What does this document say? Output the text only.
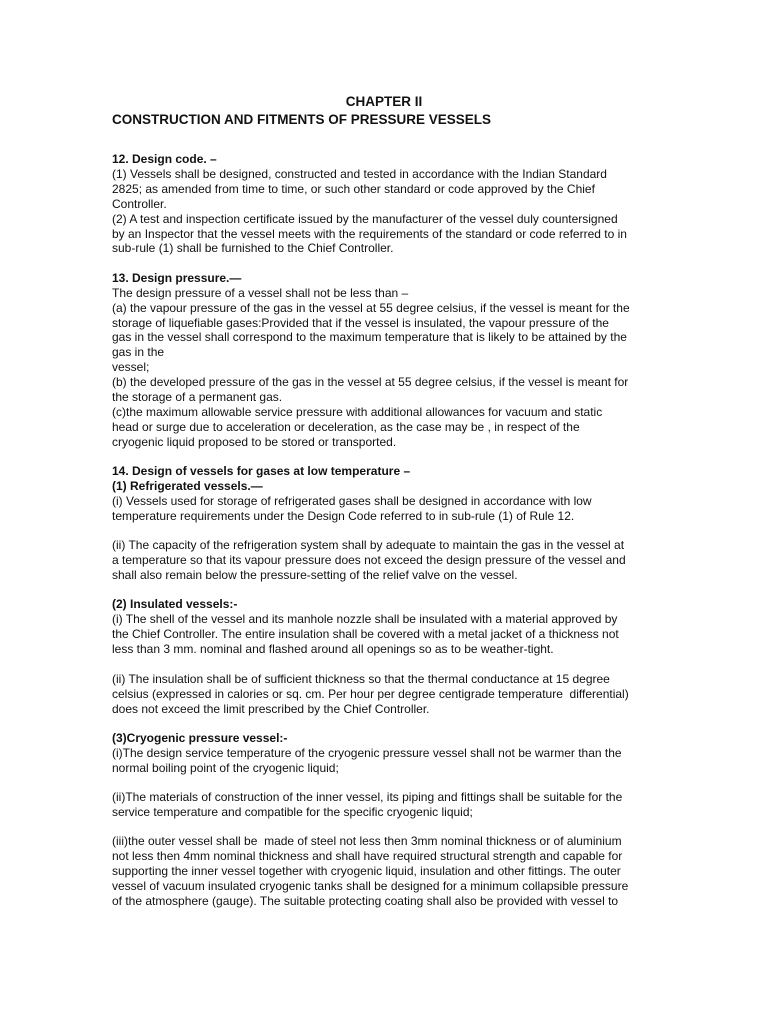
CHAPTER II
CONSTRUCTION AND FITMENTS OF PRESSURE VESSELS
12. Design code. –
(1) Vessels shall be designed, constructed and tested in accordance with the Indian Standard
2825; as amended from time to time, or such other standard or code approved by the Chief
Controller.
(2) A test and inspection certificate issued by the manufacturer of the vessel duly countersigned
by an Inspector that the vessel meets with the requirements of the standard or code referred to in
sub-rule (1) shall be furnished to the Chief Controller.
13. Design pressure.—
The design pressure of a vessel shall not be less than –
(a) the vapour pressure of the gas in the vessel at 55 degree celsius, if the vessel is meant for the
storage of liquefiable gases:Provided that if the vessel is insulated, the vapour pressure of the
gas in the vessel shall correspond to the maximum temperature that is likely to be attained by the
gas in the
vessel;
(b) the developed pressure of the gas in the vessel at 55 degree celsius, if the vessel is meant for
the storage of a permanent gas.
(c)the maximum allowable service pressure with additional allowances for vacuum and static
head or surge due to acceleration or deceleration, as the case may be , in respect of the
cryogenic liquid proposed to be stored or transported.
14. Design of vessels for gases at low temperature –
(1) Refrigerated vessels.—
(i) Vessels used for storage of refrigerated gases shall be designed in accordance with low
temperature requirements under the Design Code referred to in sub-rule (1) of Rule 12.
(ii) The capacity of the refrigeration system shall by adequate to maintain the gas in the vessel at
a temperature so that its vapour pressure does not exceed the design pressure of the vessel and
shall also remain below the pressure-setting of the relief valve on the vessel.
(2) Insulated vessels:-
(i) The shell of the vessel and its manhole nozzle shall be insulated with a material approved by
the Chief Controller. The entire insulation shall be covered with a metal jacket of a thickness not
less than 3 mm. nominal and flashed around all openings so as to be weather-tight.
(ii) The insulation shall be of sufficient thickness so that the thermal conductance at 15 degree
celsius (expressed in calories or sq. cm. Per hour per degree centigrade temperature  differential)
does not exceed the limit prescribed by the Chief Controller.
(3)Cryogenic pressure vessel:-
(i)The design service temperature of the cryogenic pressure vessel shall not be warmer than the
normal boiling point of the cryogenic liquid;
(ii)The materials of construction of the inner vessel, its piping and fittings shall be suitable for the
service temperature and compatible for the specific cryogenic liquid;
(iii)the outer vessel shall be  made of steel not less then 3mm nominal thickness or of aluminium
not less then 4mm nominal thickness and shall have required structural strength and capable for
supporting the inner vessel together with cryogenic liquid, insulation and other fittings. The outer
vessel of vacuum insulated cryogenic tanks shall be designed for a minimum collapsible pressure
of the atmosphere (gauge). The suitable protecting coating shall also be provided with vessel to
